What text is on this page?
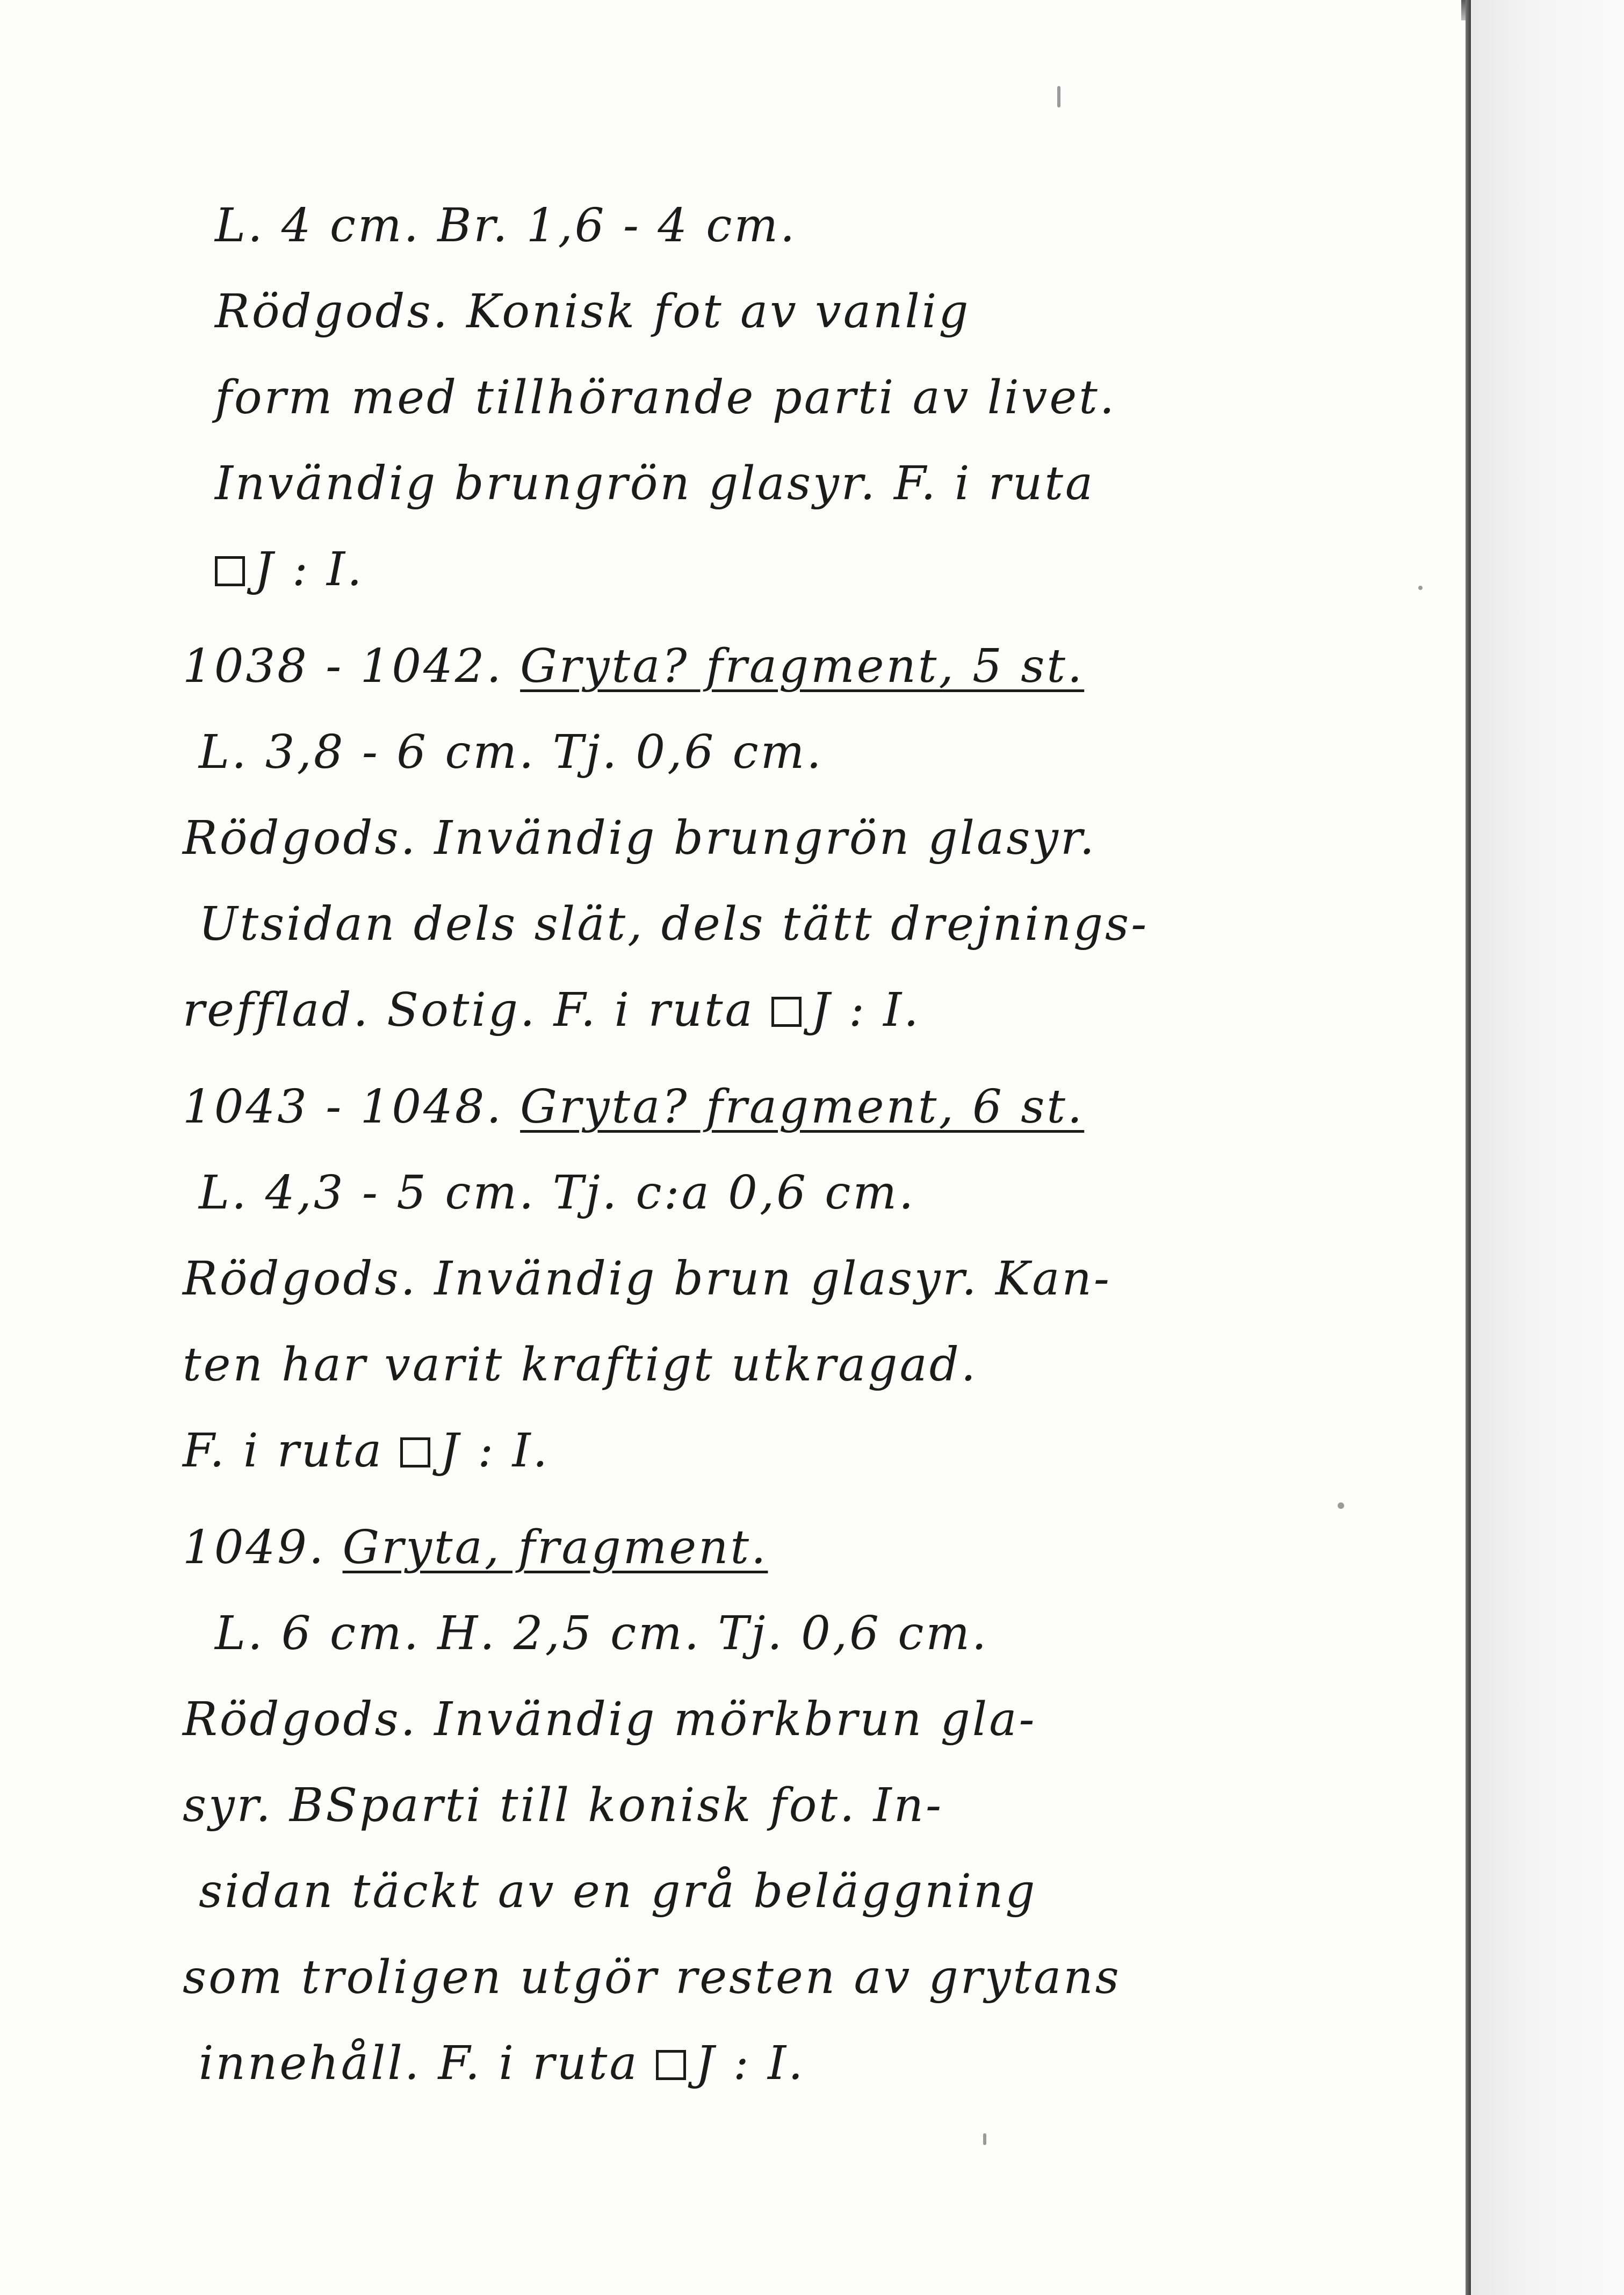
L. 4 cm. Br. 1,6 - 4 cm.
Rödgods. Konisk fot av vanlig
form med tillhörande parti av livet.
Invändig brungrön glasyr. F. i ruta
J : I.
1038 - 1042. Gryta? fragment, 5 st.
L. 3,8 - 6 cm. Tj. 0,6 cm.
Rödgods. Invändig brungrön glasyr.
Utsidan dels slät, dels tätt drejnings-
refflad. Sotig. F. i ruta J : I.
1043 - 1048. Gryta? fragment, 6 st.
L. 4,3 - 5 cm. Tj. c:a 0,6 cm.
Rödgods. Invändig brun glasyr. Kan-
ten har varit kraftigt utkragad.
F. i ruta J : I.
1049. Gryta, fragment.
L. 6 cm. H. 2,5 cm. Tj. 0,6 cm.
Rödgods. Invändig mörkbrun gla-
syr. BSparti till konisk fot. In-
sidan täckt av en grå beläggning
som troligen utgör resten av grytans
innehåll. F. i ruta J : I.
